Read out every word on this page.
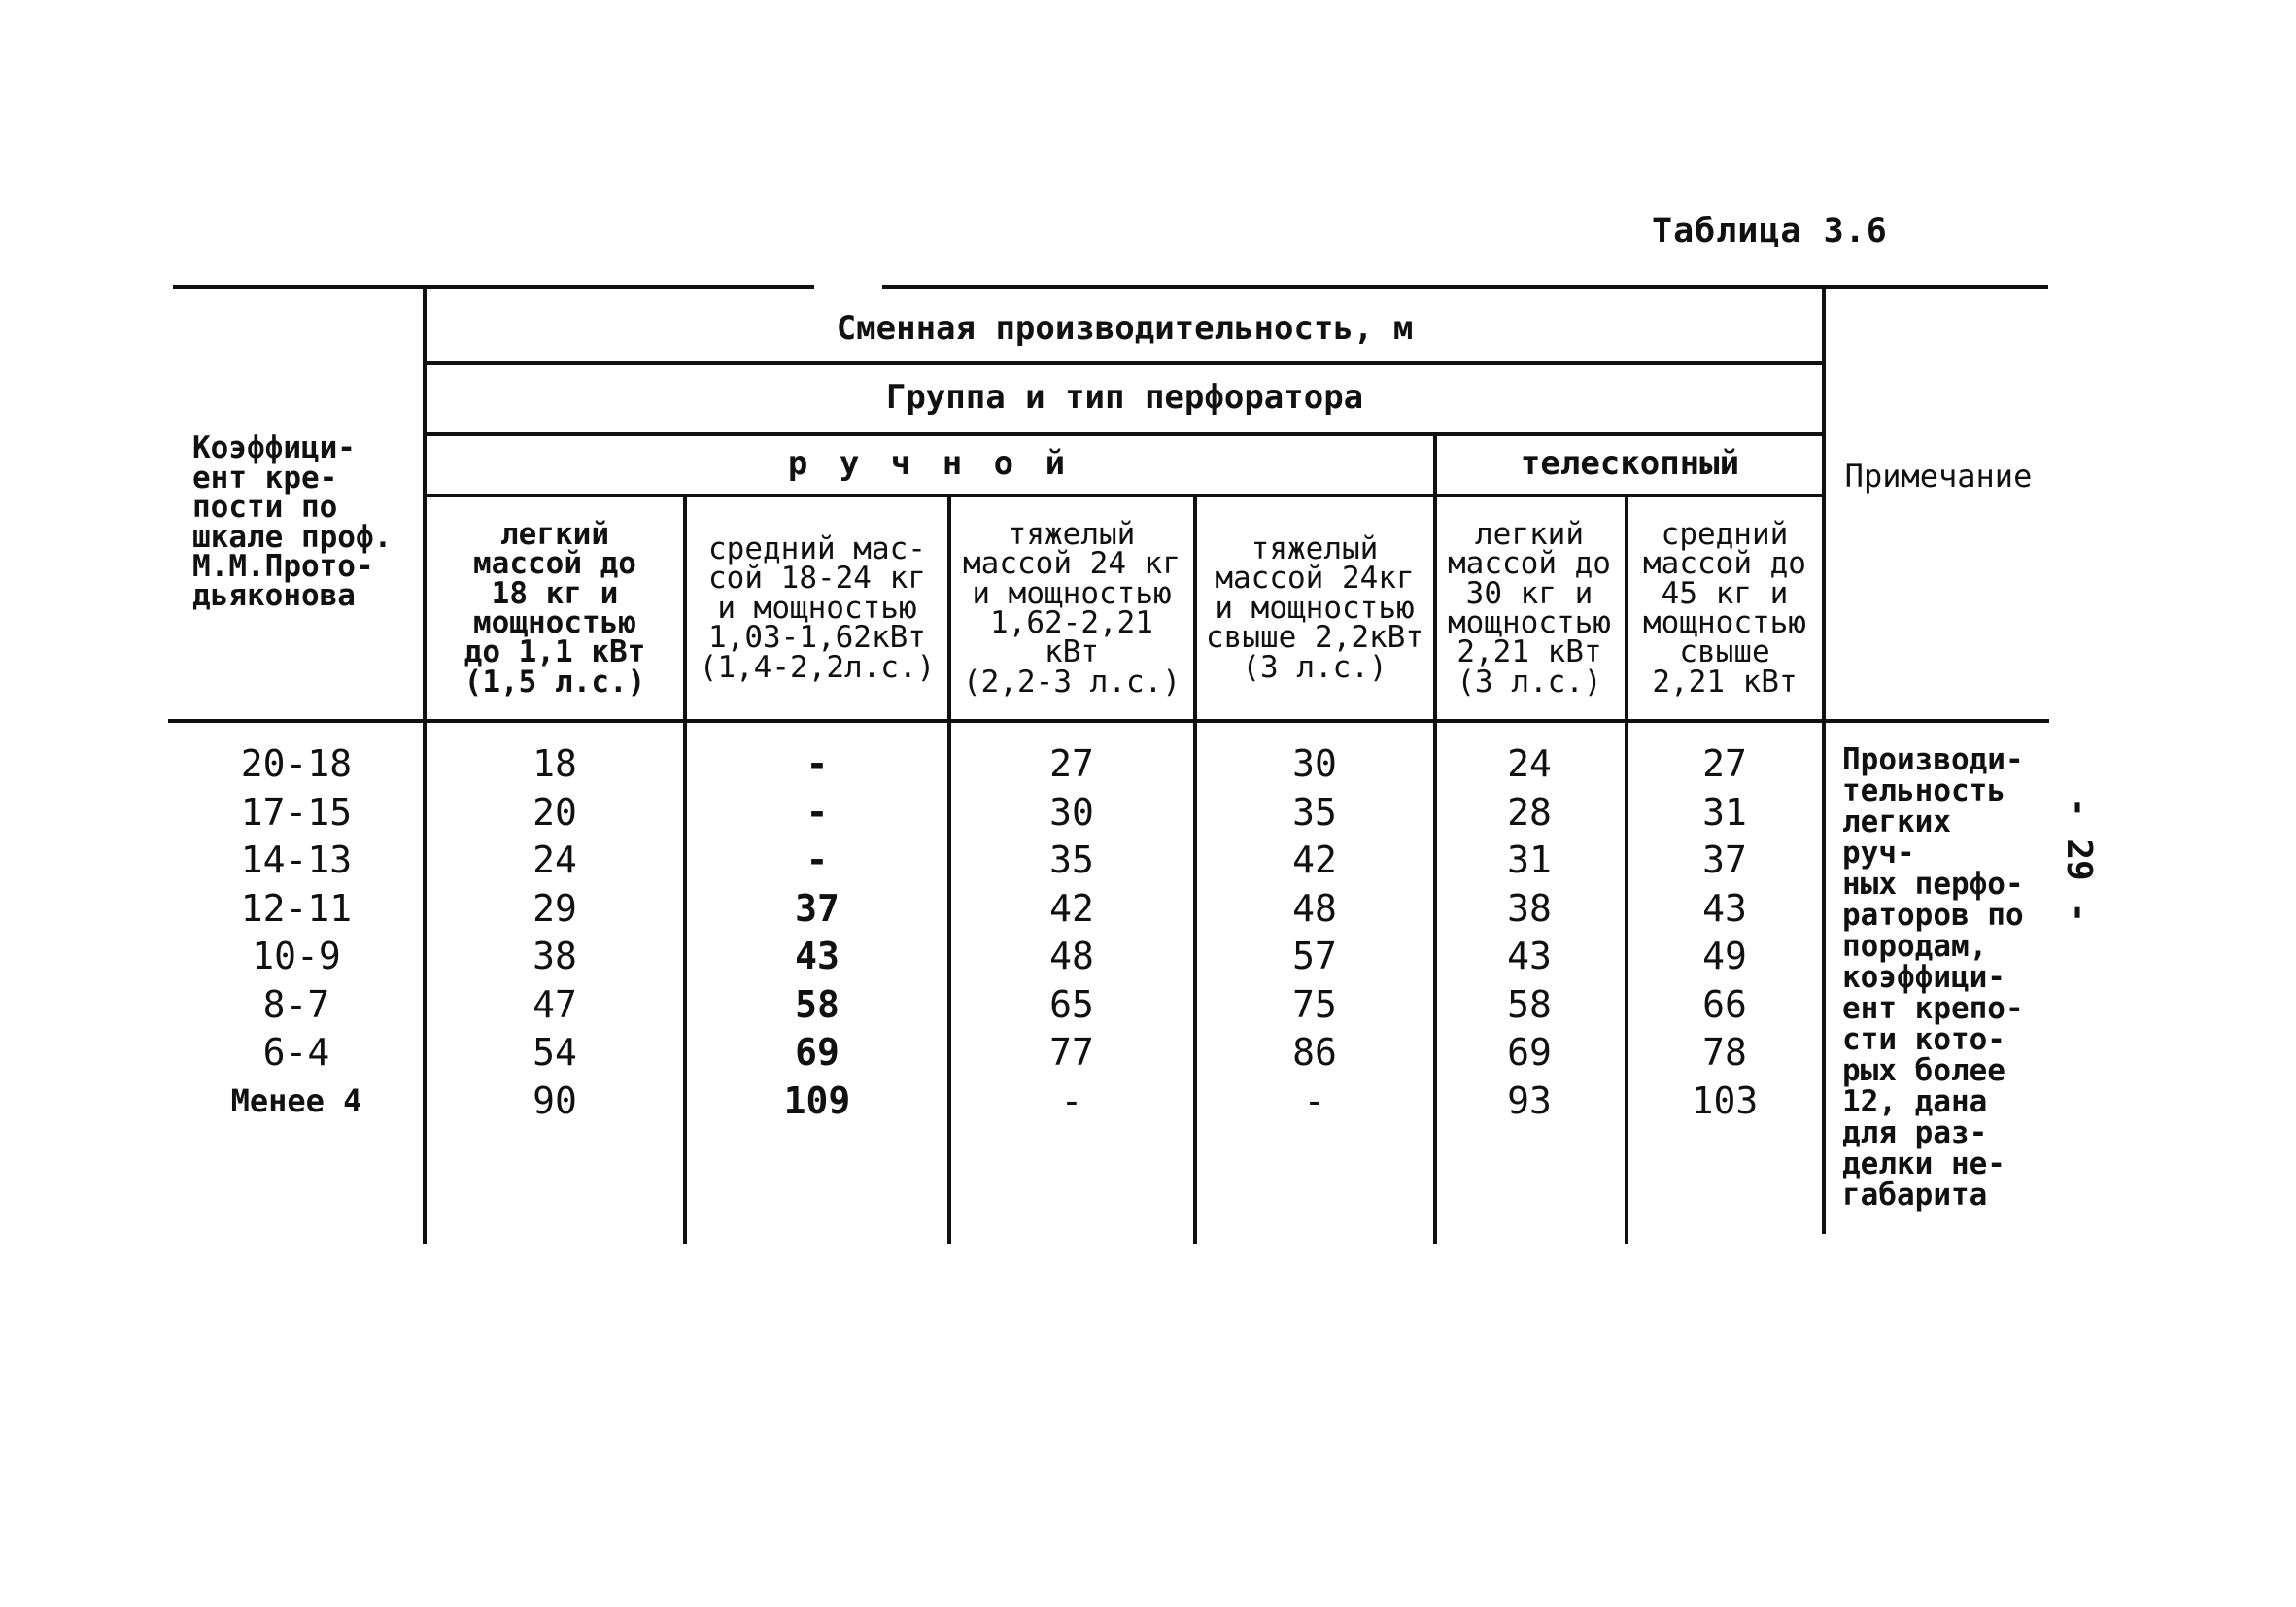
Таблица 3.6
Коэффици-
ент кре-
пости по
шкале проф.
М.М.Прото-
дьяконова
Сменная производительность, м
Группа и тип перфоратора
р у ч н о й	телескопный	Примечание
легкий
массой до
18 кг и
мощностью
до 1,1 кВт
(1,5 л.с.)
средний мас-
сой 18-24 кг
и мощностью
1,03-1,62кВт
(1,4-2,2л.с.)
тяжелый
массой 24 кг
и мощностью
1,62-2,21
кВт
(2,2-3 л.с.)
тяжелый
массой 24кг
и мощностью
свыше 2,2кВт
(3 л.с.)
легкий
массой до
30 кг и
мощностью
2,21 кВт
(3 л.с.)
средний
массой до
45 кг и
мощностью
свыше
2,21 кВт
20-18
17-15
14-13
12-11
10-9
8-7
6-4
Менее 4
18
20
24
29
38
47
54
90
-
-
-
37
43
58
69
109
27
30
35
42
48
65
77
-
30
35
42
48
57
75
86
-
24
28
31
38
43
58
69
93
27
31
37
43
49
66
78
103
Производи-
тельность
легких руч-
ных перфо-
раторов по
породам,
коэффици-
ент крепо-
сти кото-
рых более
12, дана
для раз-
делки не-
габарита
- 29 -
